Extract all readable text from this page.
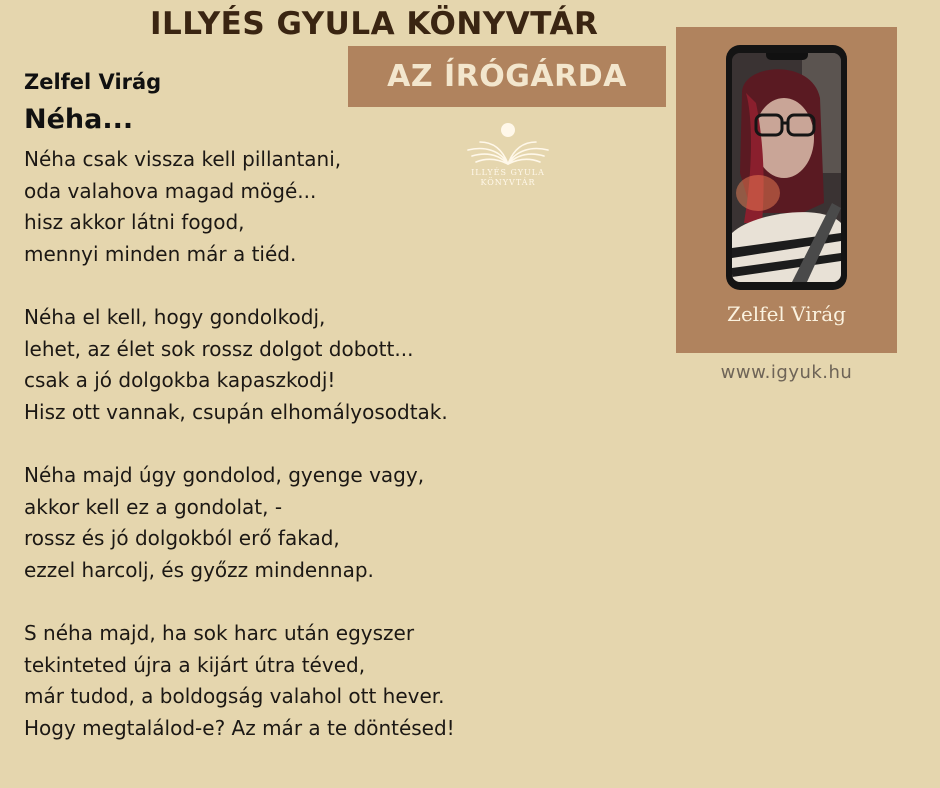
ILLYÉS GYULA KÖNYVTÁR
AZ ÍRÓGÁRDA
Zelfel Virág
Néha...
Néha csak vissza kell pillantani,
oda valahova magad mögé...
hisz akkor látni fogod,
mennyi minden már a tiéd.
Néha el kell, hogy gondolkodj,
lehet, az élet sok rossz dolgot dobott...
csak a jó dolgokba kapaszkodj!
Hisz ott vannak, csupán elhomályosodtak.
Néha majd úgy gondolod, gyenge vagy,
akkor kell ez a gondolat, -
rossz és jó dolgokból erő fakad,
ezzel harcolj, és győzz mindennap.
S néha majd, ha sok harc után egyszer
tekinteted újra a kijárt útra téved,
már tudod, a boldogság valahol ott hever.
Hogy megtalálod-e? Az már a te döntésed!
ILLYÉS GYULA
KÖNYVTÁR
Zelfel Virág
www.igyuk.hu
